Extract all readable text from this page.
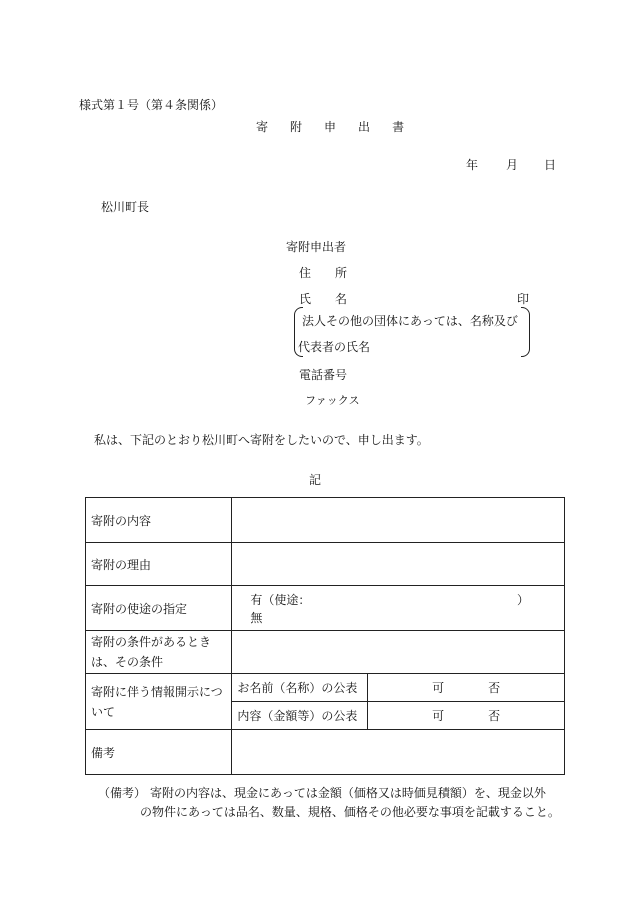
様式第１号（第４条関係）
寄 附 申 出 書
年 月 日
松川町長
寄附申出者
住　　所
氏　　名	印
法人その他の団体にあっては、名称及び
代表者の氏名
電話番号
ファックス
私は、下記のとおり松川町へ寄附をしたいので、申し出ます。
記
寄附の内容		
寄附の理由		
寄附の使途の指定	有（使途： ）
無	

寄附の条件があるときは、その条件		
寄附に伴う情報開示について	お名前（名称）の公表	可 否
	内容（金額等）の公表	可 否
備考		
（備考） 寄附の内容は、現金にあっては金額（価格又は時価見積額）を、現金以外
の物件にあっては品名、数量、規格、価格その他必要な事項を記載すること。
